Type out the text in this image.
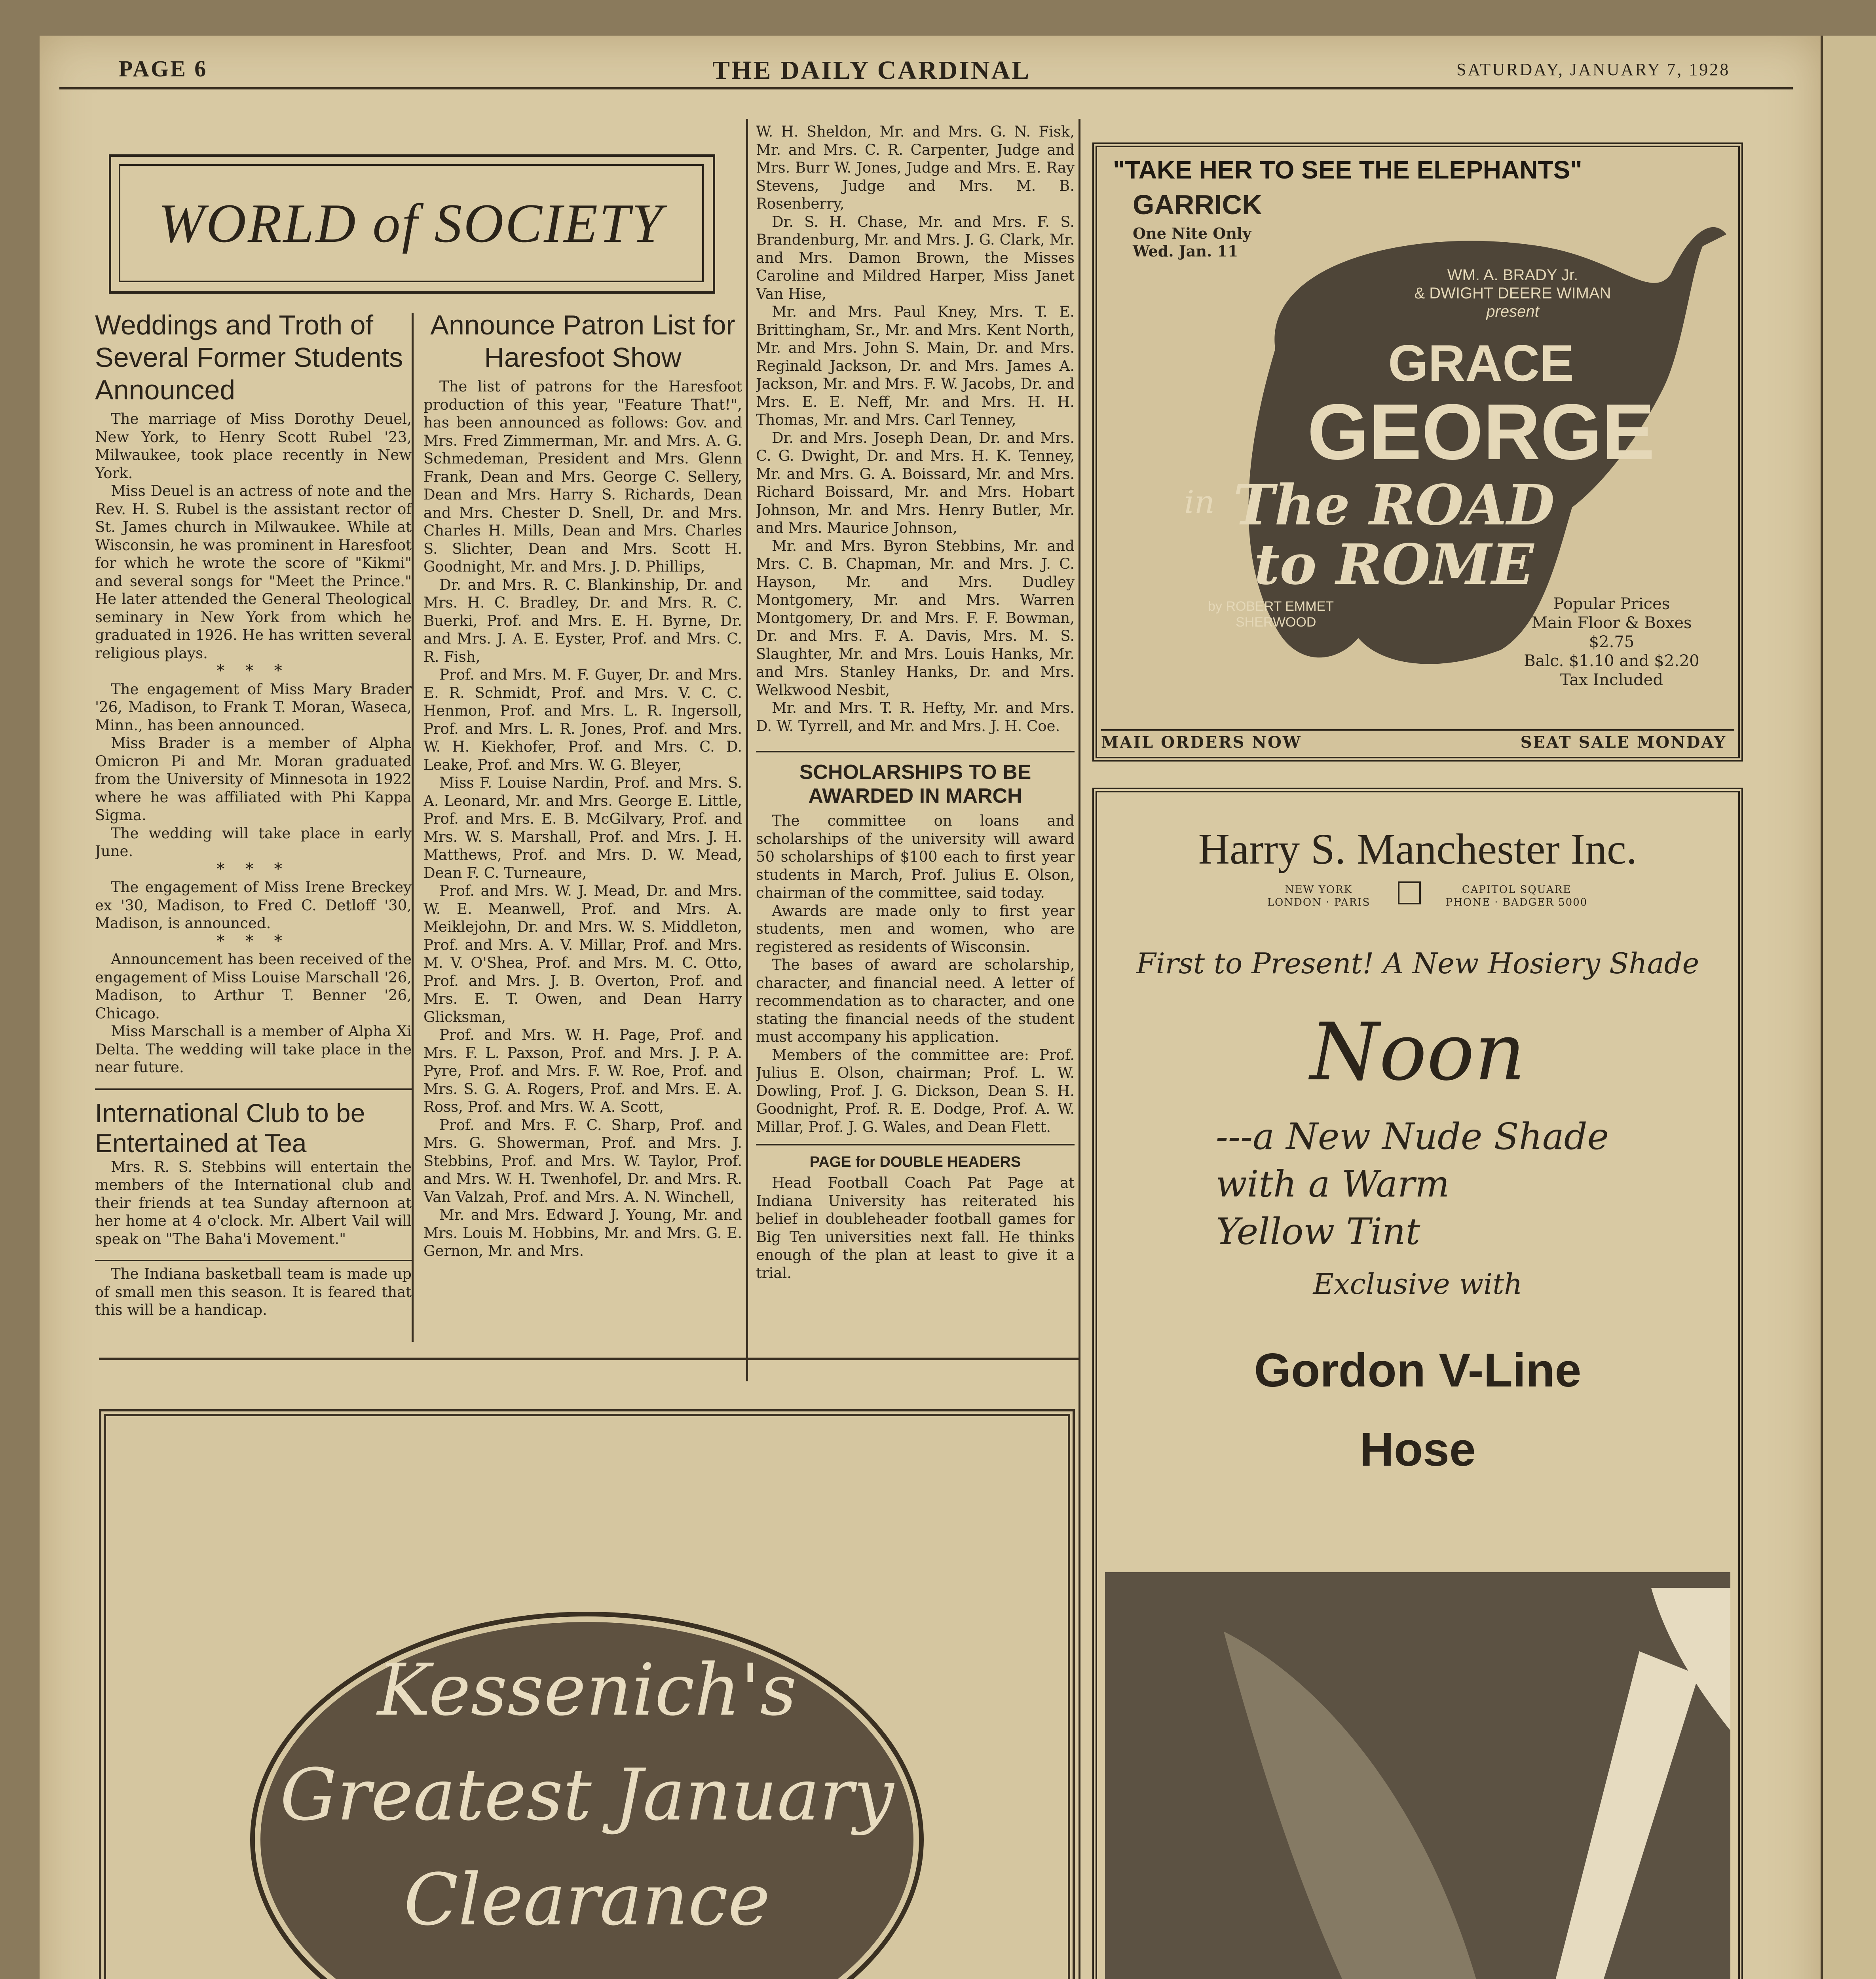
PAGE 6	THE DAILY CARDINAL	SATURDAY, JANUARY 7, 1928
WORLD of SOCIETY
Weddings and Troth of Several Former Students Announced

The marriage of Miss Dorothy Deuel, New York, to Henry Scott Rubel '23, Milwaukee, took place recently in New York.

Miss Deuel is an actress of note and the Rev. H. S. Rubel is the assistant rector of St. James church in Milwaukee. While at Wisconsin, he was prominent in Haresfoot for which he wrote the score of "Kikmi" and several songs for "Meet the Prince." He later attended the General Theological seminary in New York from which he graduated in 1926. He has written several religious plays.

* * *

The engagement of Miss Mary Brader '26, Madison, to Frank T. Moran, Waseca, Minn., has been announced.

Miss Brader is a member of Alpha Omicron Pi and Mr. Moran graduated from the University of Minnesota in 1922 where he was affiliated with Phi Kappa Sigma.

The wedding will take place in early June.

* * *

The engagement of Miss Irene Breckey ex '30, Madison, to Fred C. Detloff '30, Madison, is announced.

* * *

Announcement has been received of the engagement of Miss Louise Marschall '26, Madison, to Arthur T. Benner '26, Chicago.

Miss Marschall is a member of Alpha Xi Delta. The wedding will take place in the near future.

International Club to be Entertained at Tea

Mrs. R. S. Stebbins will entertain the members of the International club and their friends at tea Sunday afternoon at her home at 4 o'clock. Mr. Albert Vail will speak on "The Baha'i Movement."

The Indiana basketball team is made up of small men this season. It is feared that this will be a handicap.

Announce Patron List for Haresfoot Show

The list of patrons for the Haresfoot production of this year, "Feature That!", has been announced as follows: Gov. and Mrs. Fred Zimmerman, Mr. and Mrs. A. G. Schmedeman, President and Mrs. Glenn Frank, Dean and Mrs. George C. Sellery, Dean and Mrs. Harry S. Richards, Dean and Mrs. Chester D. Snell, Dr. and Mrs. Charles H. Mills, Dean and Mrs. Charles S. Slichter, Dean and Mrs. Scott H. Goodnight, Mr. and Mrs. J. D. Phillips,

Dr. and Mrs. R. C. Blankinship, Dr. and Mrs. H. C. Bradley, Dr. and Mrs. R. C. Buerki, Prof. and Mrs. E. H. Byrne, Dr. and Mrs. J. A. E. Eyster, Prof. and Mrs. C. R. Fish,

Prof. and Mrs. M. F. Guyer, Dr. and Mrs. E. R. Schmidt, Prof. and Mrs. V. C. C. Henmon, Prof. and Mrs. L. R. Ingersoll, Prof. and Mrs. L. R. Jones, Prof. and Mrs. W. H. Kiekhofer, Prof. and Mrs. C. D. Leake, Prof. and Mrs. W. G. Bleyer,

Miss F. Louise Nardin, Prof. and Mrs. S. A. Leonard, Mr. and Mrs. George E. Little, Prof. and Mrs. E. B. McGilvary, Prof. and Mrs. W. S. Marshall, Prof. and Mrs. J. H. Matthews, Prof. and Mrs. D. W. Mead, Dean F. C. Turneaure,

Prof. and Mrs. W. J. Mead, Dr. and Mrs. W. E. Meanwell, Prof. and Mrs. A. Meiklejohn, Dr. and Mrs. W. S. Middleton, Prof. and Mrs. A. V. Millar, Prof. and Mrs. M. V. O'Shea, Prof. and Mrs. M. C. Otto, Prof. and Mrs. J. B. Overton, Prof. and Mrs. E. T. Owen, and Dean Harry Glicksman,

Prof. and Mrs. W. H. Page, Prof. and Mrs. F. L. Paxson, Prof. and Mrs. J. P. A. Pyre, Prof. and Mrs. F. W. Roe, Prof. and Mrs. S. G. A. Rogers, Prof. and Mrs. E. A. Ross, Prof. and Mrs. W. A. Scott,

Prof. and Mrs. F. C. Sharp, Prof. and Mrs. G. Showerman, Prof. and Mrs. J. Stebbins, Prof. and Mrs. W. Taylor, Prof. and Mrs. W. H. Twenhofel, Dr. and Mrs. R. Van Valzah, Prof. and Mrs. A. N. Winchell,

Mr. and Mrs. Edward J. Young, Mr. and Mrs. Louis M. Hobbins, Mr. and Mrs. G. E. Gernon, Mr. and Mrs.

W. H. Sheldon, Mr. and Mrs. G. N. Fisk, Mr. and Mrs. C. R. Carpenter, Judge and Mrs. Burr W. Jones, Judge and Mrs. E. Ray Stevens, Judge and Mrs. M. B. Rosenberry,

Dr. S. H. Chase, Mr. and Mrs. F. S. Brandenburg, Mr. and Mrs. J. G. Clark, Mr. and Mrs. Damon Brown, the Misses Caroline and Mildred Harper, Miss Janet Van Hise,

Mr. and Mrs. Paul Kney, Mrs. T. E. Brittingham, Sr., Mr. and Mrs. Kent North, Mr. and Mrs. John S. Main, Dr. and Mrs. Reginald Jackson, Dr. and Mrs. James A. Jackson, Mr. and Mrs. F. W. Jacobs, Dr. and Mrs. E. E. Neff, Mr. and Mrs. H. H. Thomas, Mr. and Mrs. Carl Tenney,

Dr. and Mrs. Joseph Dean, Dr. and Mrs. C. G. Dwight, Dr. and Mrs. H. K. Tenney, Mr. and Mrs. G. A. Boissard, Mr. and Mrs. Richard Boissard, Mr. and Mrs. Hobart Johnson, Mr. and Mrs. Henry Butler, Mr. and Mrs. Maurice Johnson,

Mr. and Mrs. Byron Stebbins, Mr. and Mrs. C. B. Chapman, Mr. and Mrs. J. C. Hayson, Mr. and Mrs. Dudley Montgomery, Mr. and Mrs. Warren Montgomery, Dr. and Mrs. F. F. Bowman, Dr. and Mrs. F. A. Davis, Mrs. M. S. Slaughter, Mr. and Mrs. Louis Hanks, Mr. and Mrs. Stanley Hanks, Dr. and Mrs. Welkwood Nesbit,

Mr. and Mrs. T. R. Hefty, Mr. and Mrs. D. W. Tyrrell, and Mr. and Mrs. J. H. Coe.

SCHOLARSHIPS TO BE AWARDED IN MARCH

The committee on loans and scholarships of the university will award 50 scholarships of $100 each to first year students in March, Prof. Julius E. Olson, chairman of the committee, said today.

Awards are made only to first year students, men and women, who are registered as residents of Wisconsin.

The bases of award are scholarship, character, and financial need. A letter of recommendation as to character, and one stating the financial needs of the student must accompany his application.

Members of the committee are: Prof. Julius E. Olson, chairman; Prof. L. W. Dowling, Prof. J. G. Dickson, Dean S. H. Goodnight, Prof. R. E. Dodge, Prof. A. W. Millar, Prof. J. G. Wales, and Dean Flett.

PAGE for DOUBLE HEADERS

Head Football Coach Pat Page at Indiana University has reiterated his belief in doubleheader football games for Big Ten universities next fall. He thinks enough of the plan at least to give it a trial.

Kessenich's
Greatest January
Clearance
"TAKE HER TO SEE THE ELEPHANTS"
GARRICK
One Nite Only
Wed. Jan. 11
WM. A. BRADY Jr.
& DWIGHT DEERE WIMAN
present
GRACE
GEORGE
in The ROAD
to ROME
by ROBERT EMMET
SHERWOOD
Popular Prices
Main Floor & Boxes
$2.75
Balc. $1.10 and $2.20
Tax Included
MAIL ORDERS NOW	SEAT SALE MONDAY
Harry S. Manchester Inc.
NEW YORK
LONDON · PARIS
CAPITOL SQUARE
PHONE · BADGER 5000
First to Present! A New Hosiery Shade
Noon
---a New Nude Shade
with a Warm
Yellow Tint
Exclusive with
Gordon V-Line
Hose
